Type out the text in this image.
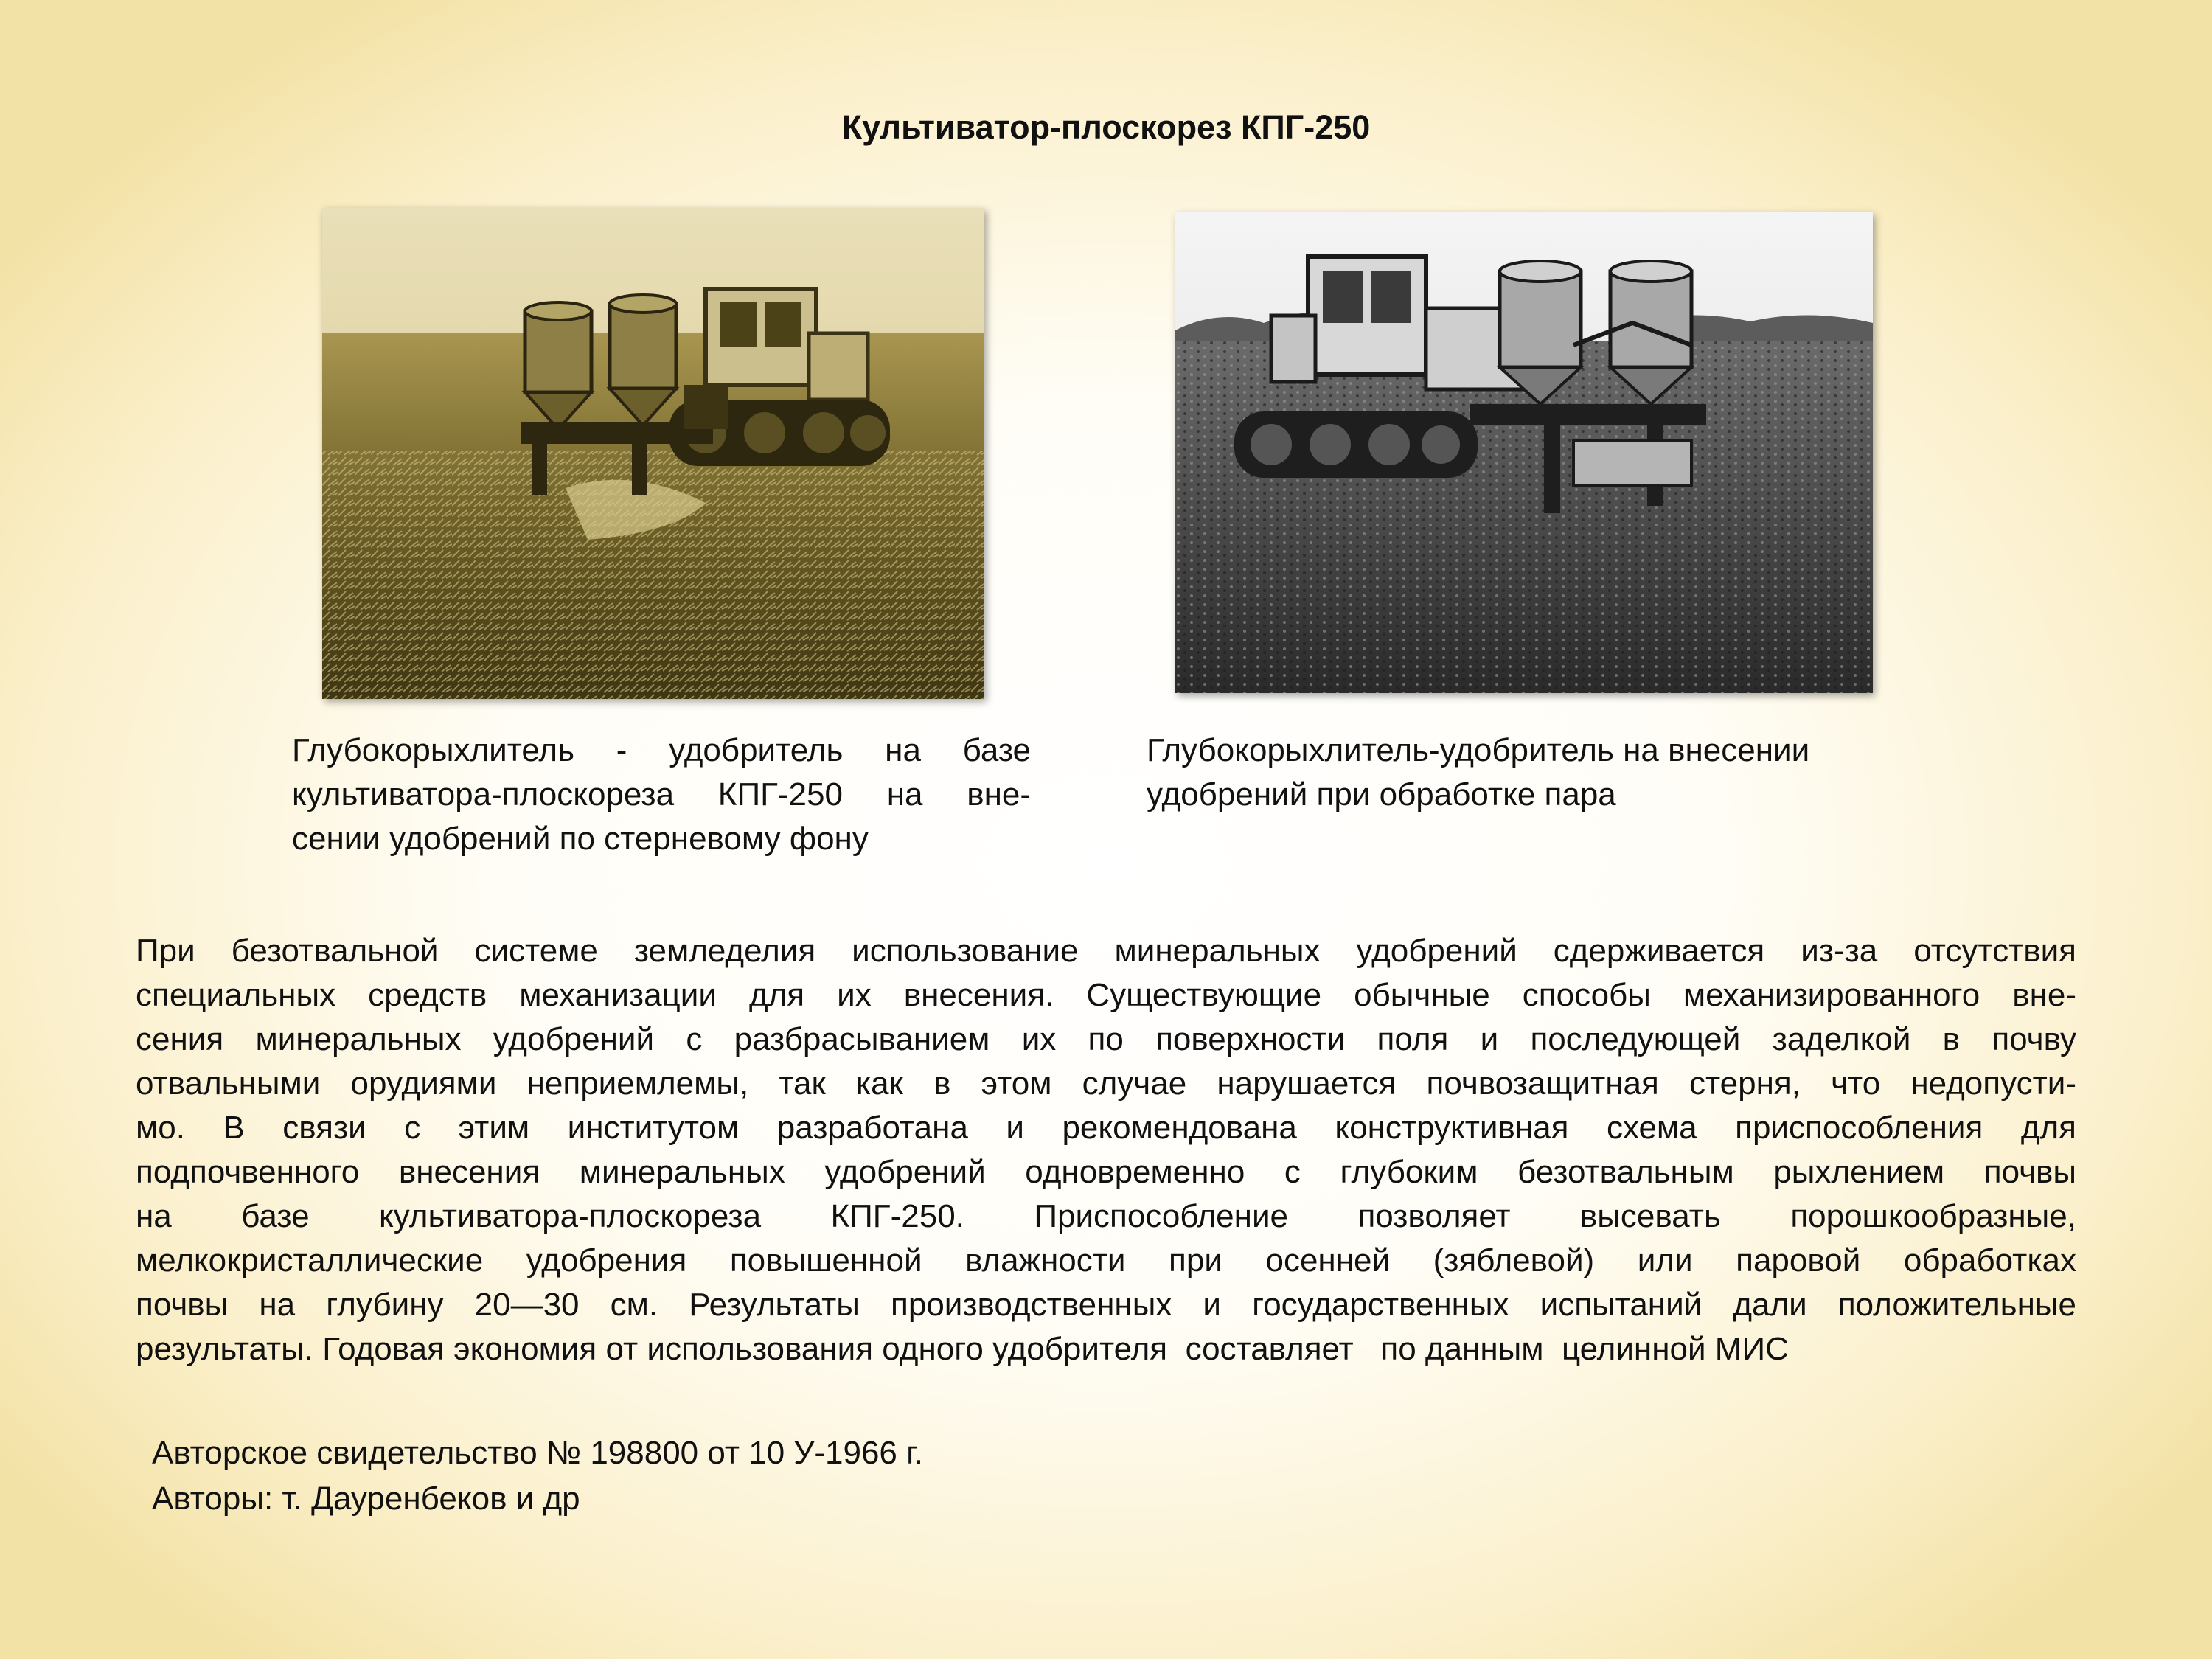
Культиватор-плоскорез КПГ-250

Глубокорыхлитель - удобритель на базе
культиватора-плоскореза КПГ-250 на вне-
сении удобрений по стерневому фону

Глубокорыхлитель-удобритель на внесении
удобрений при обработке пара

При безотвальной системе земледелия использование минеральных удобрений сдерживается из-за отсутствия
специальных средств механизации для их внесения. Существующие обычные способы механизированного вне-
сения минеральных удобрений с разбрасыванием их по поверхности поля и последующей заделкой в почву
отвальными орудиями неприемлемы, так как в этом случае нарушается почвозащитная стерня, что недопусти-
мо. В связи с этим институтом разработана и рекомендована конструктивная схема приспособления для
подпочвенного внесения минеральных удобрений одновременно с глубоким безотвальным рыхлением почвы
на базе культиватора-плоскореза КПГ-250. Приспособление позволяет высевать порошкообразные,
мелкокристаллические удобрения повышенной влажности при осенней (зяблевой) или паровой обработках
почвы на глубину 20—30 см. Результаты производственных и государственных испытаний дали положительные
результаты. Годовая экономия от использования одного удобрителя  составляет   по данным  целинной МИС

Авторское свидетельство № 198800 от 10 У-1966 г.
Авторы: т. Дауренбеков и др
